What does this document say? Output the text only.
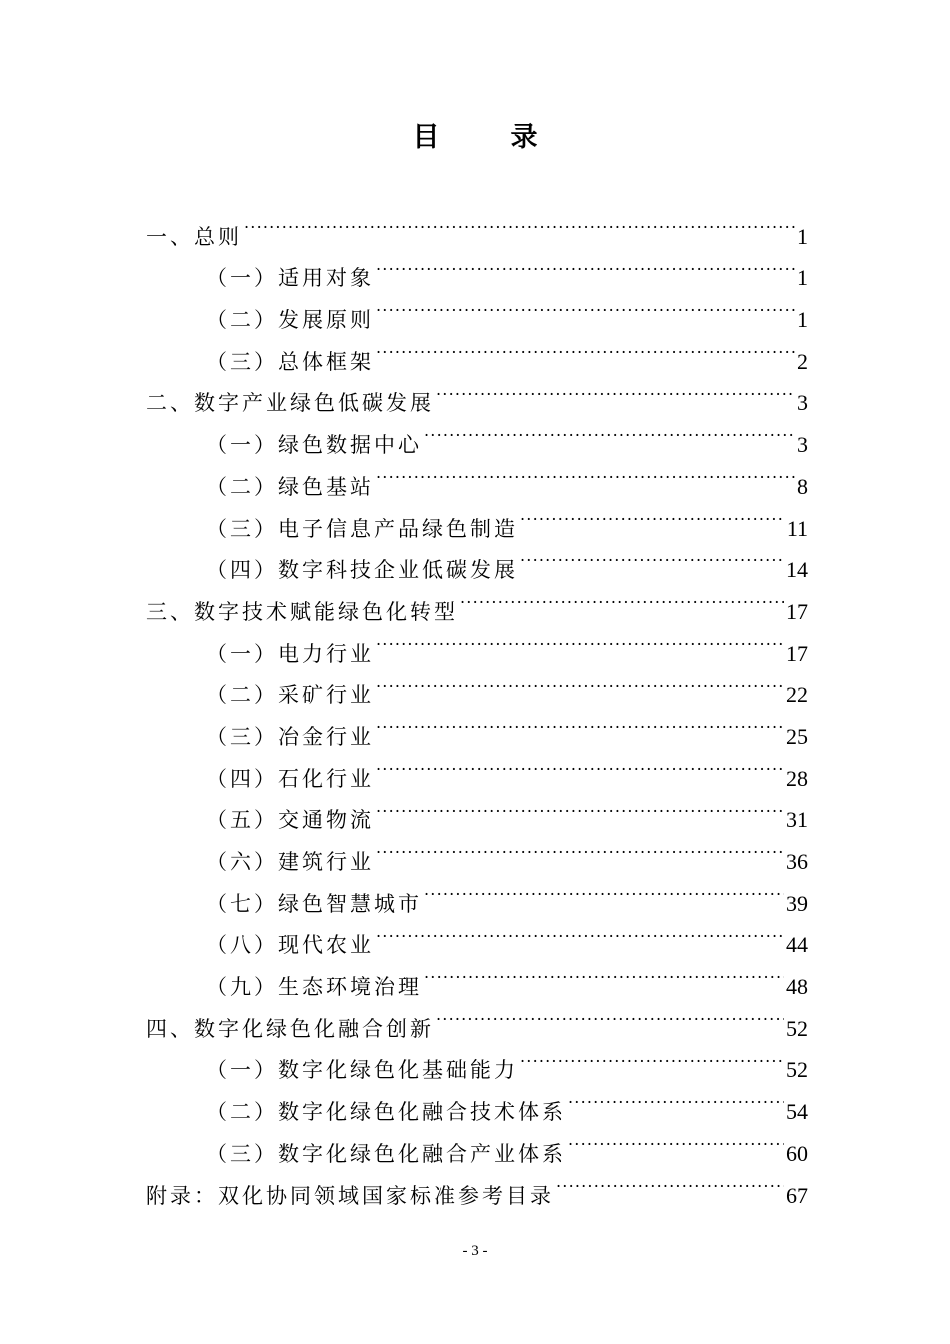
目　录
一、总则 .....	1
（一）适用对象 .....	1
（二）发展原则 .....	1
（三）总体框架 .....	2
二、数字产业绿色低碳发展 .....	3
（一）绿色数据中心 .....	3
（二）绿色基站 .....	8
（三）电子信息产品绿色制造 .....	11
（四）数字科技企业低碳发展 .....	14
三、数字技术赋能绿色化转型 .....	17
（一）电力行业 .....	17
（二）采矿行业 .....	22
（三）冶金行业 .....	25
（四）石化行业 .....	28
（五）交通物流 .....	31
（六）建筑行业 .....	36
（七）绿色智慧城市 .....	39
（八）现代农业 .....	44
（九）生态环境治理 .....	48
四、数字化绿色化融合创新 .....	52
（一）数字化绿色化基础能力 .....	52
（二）数字化绿色化融合技术体系 .....	54
（三）数字化绿色化融合产业体系 .....	60
附录：双化协同领域国家标准参考目录 .....	67
- 3 -
